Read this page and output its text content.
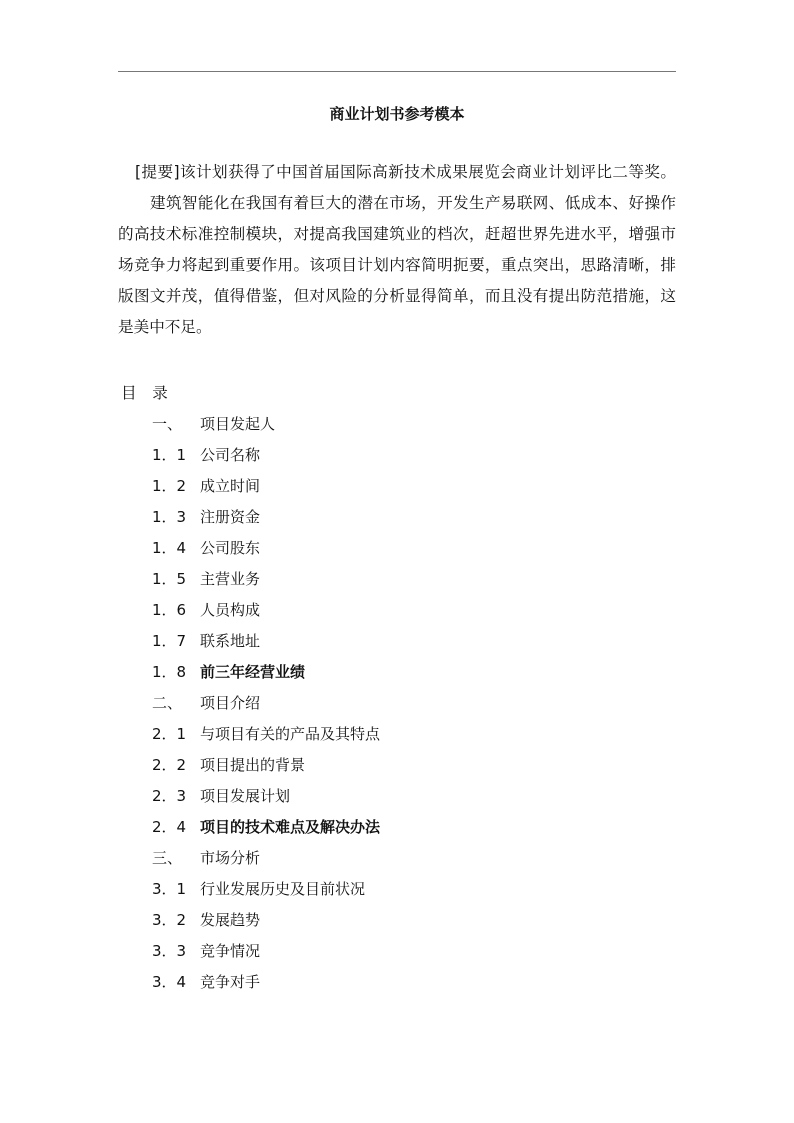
商业计划书参考模本
[提要]该计划获得了中国首届国际高新技术成果展览会商业计划评比二等奖。
建筑智能化在我国有着巨大的潜在市场，开发生产易联网、低成本、好操作
的高技术标准控制模块，对提高我国建筑业的档次，赶超世界先进水平，增强市
场竞争力将起到重要作用。该项目计划内容简明扼要，重点突出，思路清晰，排
版图文并茂，值得借鉴，但对风险的分析显得简单，而且没有提出防范措施，这
是美中不足。
目　录
一、 项目发起人
1．1 公司名称
1．2 成立时间
1．3 注册资金
1．4 公司股东
1．5 主营业务
1．6 人员构成
1．7 联系地址
1．8 前三年经营业绩
二、 项目介绍
2．1 与项目有关的产品及其特点
2．2 项目提出的背景
2．3 项目发展计划
2．4 项目的技术难点及解决办法
三、 市场分析
3．1 行业发展历史及目前状况
3．2 发展趋势
3．3 竞争情况
3．4 竞争对手
